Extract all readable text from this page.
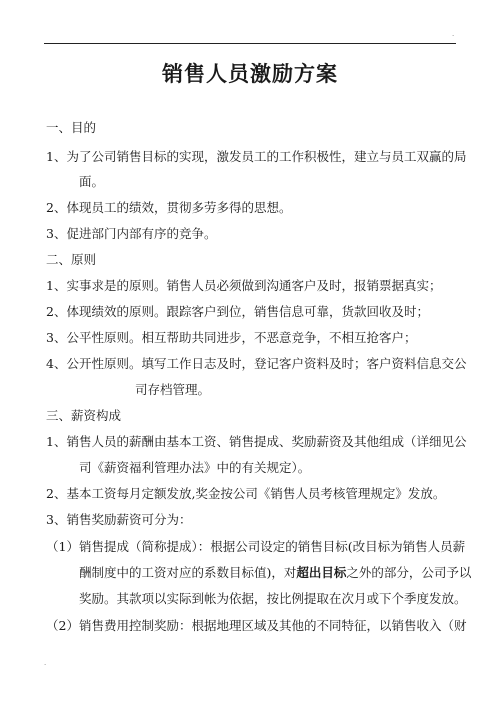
·
销售人员激励方案
一、目的
1、为了公司销售目标的实现，激发员工的工作积极性，建立与员工双赢的局
面。
2、体现员工的绩效，贯彻多劳多得的思想。
3、促进部门内部有序的竞争。
二、原则
1、实事求是的原则。销售人员必须做到沟通客户及时，报销票据真实；
2、体现绩效的原则。跟踪客户到位，销售信息可靠，货款回收及时；
3、公平性原则。相互帮助共同进步，不恶意竞争，不相互抢客户；
4、公开性原则。填写工作日志及时，登记客户资料及时；客户资料信息交公
司存档管理。
三、薪资构成
1、销售人员的薪酬由基本工资、销售提成、奖励薪资及其他组成（详细见公
司《薪资福利管理办法》中的有关规定）。
2、基本工资每月定额发放,奖金按公司《销售人员考核管理规定》发放。
3、销售奖励薪资可分为：
（1）销售提成（简称提成）：根据公司设定的销售目标(改目标为销售人员薪
酬制度中的工资对应的系数目标值)，对超出目标之外的部分，公司予以
奖励。其款项以实际到帐为依据，按比例提取在次月或下个季度发放。
（2）销售费用控制奖励：根据地理区域及其他的不同特征，以销售收入（财
·
